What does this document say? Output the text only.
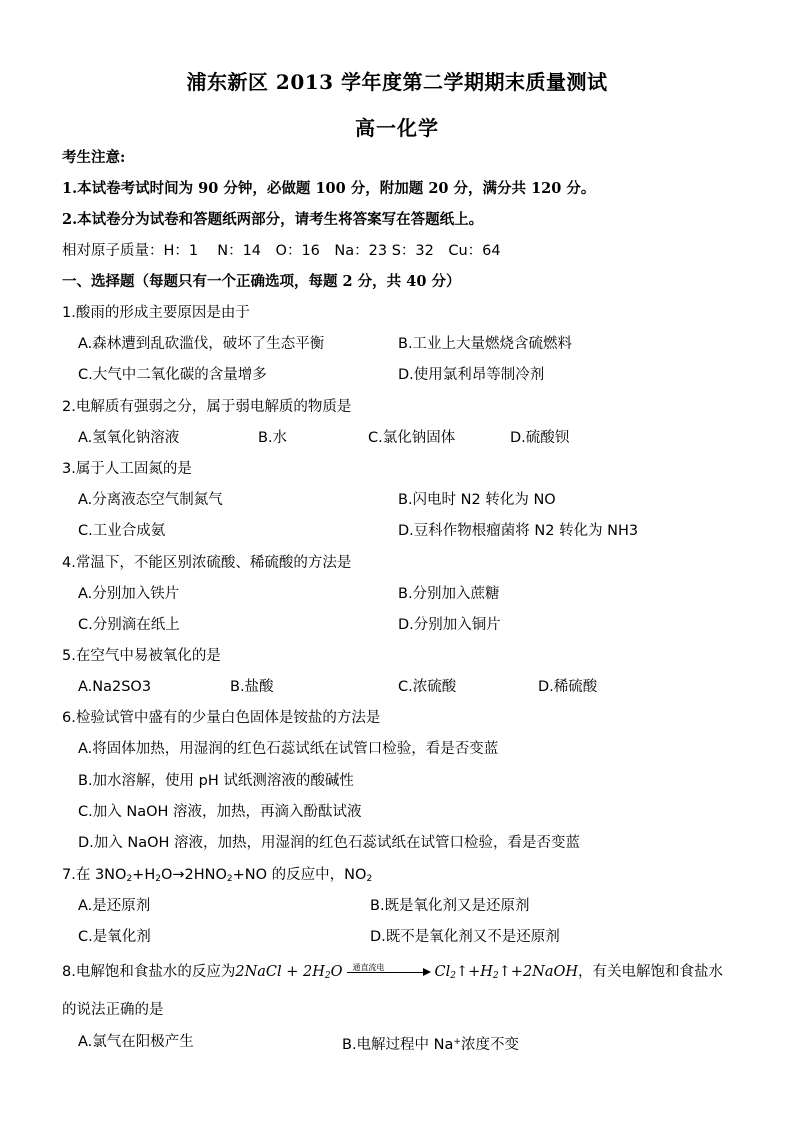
浦东新区 2013 学年度第二学期期末质量测试
高一化学
考生注意:
1.本试卷考试时间为 90 分钟，必做题 100 分，附加题 20 分，满分共 120 分。
2.本试卷分为试卷和答题纸两部分，请考生将答案写在答题纸上。
相对原子质量：H：1　 N：14　O：16　Na：23 S：32　Cu：64
一、选择题（每题只有一个正确选项，每题 2 分，共 40 分）
1.酸雨的形成主要原因是由于
A.森林遭到乱砍滥伐，破坏了生态平衡	B.工业上大量燃烧含硫燃料
C.大气中二氧化碳的含量增多	D.使用氯利昂等制冷剂
2.电解质有强弱之分，属于弱电解质的物质是
A.氢氧化钠溶液	B.水	C.氯化钠固体	D.硫酸钡
3.属于人工固氮的是
A.分离液态空气制氮气	B.闪电时 N2 转化为 NO
C.工业合成氨	D.豆科作物根瘤菌将 N2 转化为 NH3
4.常温下，不能区别浓硫酸、稀硫酸的方法是
A.分别加入铁片	B.分别加入蔗糖
C.分别滴在纸上	D.分别加入铜片
5.在空气中易被氧化的是
A.Na2SO3	B.盐酸	C.浓硫酸	D.稀硫酸
6.检验试管中盛有的少量白色固体是铵盐的方法是
A.将固体加热，用湿润的红色石蕊试纸在试管口检验，看是否变蓝
B.加水溶解，使用 pH 试纸测溶液的酸碱性
C.加入 NaOH 溶液，加热，再滴入酚酞试液
D.加入 NaOH 溶液，加热，用湿润的红色石蕊试纸在试管口检验，看是否变蓝
7.在 $3NO_2+H_2O\to 2HNO_2+NO$ 的反应中，$NO_2$
A.是还原剂	B.既是氧化剂又是还原剂
C.是氧化剂	D.既不是氧化剂又不是还原剂
8.电解饱和食盐水的反应为2NaCl + $2H_2O$ 通直流电	$Cl_2↑+H_2↑+2NaOH$，有关电解饱和食盐水
的说法正确的是
A.氯气在阳极产生	B.电解过程中 Na+浓度不变
